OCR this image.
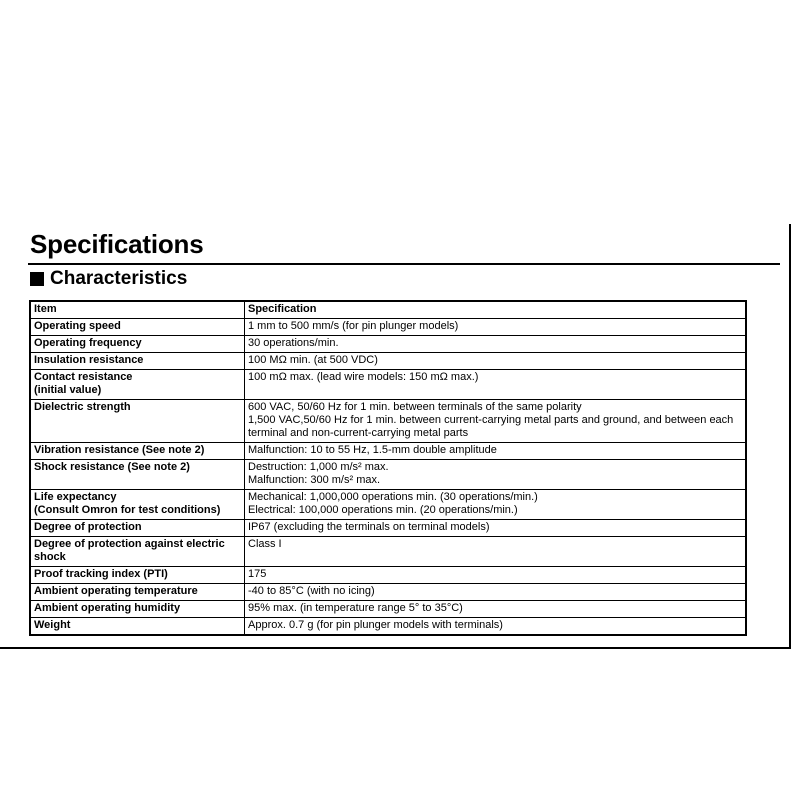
Specifications
Characteristics
Item	Specification

Operating speed	1 mm to 500 mm/s (for pin plunger models)

Operating frequency	30 operations/min.

Insulation resistance	100 MΩ min. (at 500 VDC)

Contact resistance
(initial value)	100 mΩ max. (lead wire models: 150 mΩ max.)

Dielectric strength	600 VAC, 50/60 Hz for 1 min. between terminals of the same polarity
1,500 VAC,50/60 Hz for 1 min. between current-carrying metal parts and ground, and between each terminal and non-current-carrying metal parts

Vibration resistance (See note 2)	Malfunction: 10 to 55 Hz, 1.5-mm double amplitude

Shock resistance (See note 2)	Destruction: 1,000 m/s² max.
Malfunction: 300 m/s² max.

Life expectancy
(Consult Omron for test conditions)	Mechanical: 1,000,000 operations min. (30 operations/min.)
Electrical: 100,000 operations min. (20 operations/min.)

Degree of protection	IP67 (excluding the terminals on terminal models)

Degree of protection against electric shock	Class I

Proof tracking index (PTI)	175

Ambient operating temperature	-40 to 85°C (with no icing)

Ambient operating humidity	95% max. (in temperature range 5° to 35°C)

Weight	Approx. 0.7 g (for pin plunger models with terminals)
